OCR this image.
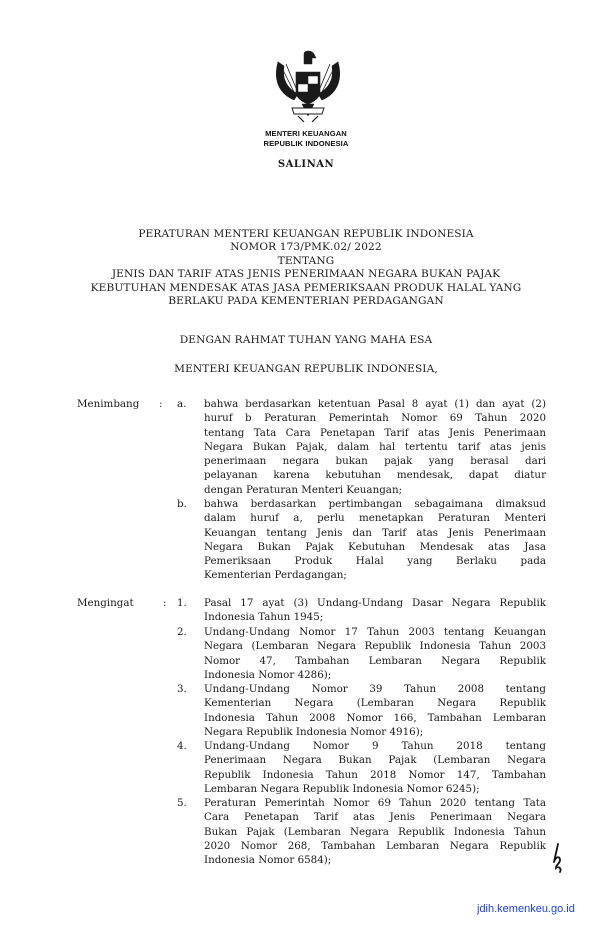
MENTERI KEUANGAN
REPUBLIK INDONESIA
SALINAN
PERATURAN MENTERI KEUANGAN REPUBLIK INDONESIA
NOMOR 173/PMK.02/ 2022
TENTANG
JENIS DAN TARIF ATAS JENIS PENERIMAAN NEGARA BUKAN PAJAK
KEBUTUHAN MENDESAK ATAS JASA PEMERIKSAAN PRODUK HALAL YANG
BERLAKU PADA KEMENTERIAN PERDAGANGAN
DENGAN RAHMAT TUHAN YANG MAHA ESA
MENTERI KEUANGAN REPUBLIK INDONESIA,
Menimbang : a. bahwa berdasarkan ketentuan Pasal 8 ayat (1) dan ayat (2)
huruf b Peraturan Pemerintah Nomor 69 Tahun 2020
tentang Tata Cara Penetapan Tarif atas Jenis Penerimaan
Negara Bukan Pajak, dalam hal tertentu tarif atas jenis
penerimaan negara bukan pajak yang berasal dari
pelayanan karena kebutuhan mendesak, dapat diatur
dengan Peraturan Menteri Keuangan;
b. bahwa berdasarkan pertimbangan sebagaimana dimaksud
dalam huruf a, perlu menetapkan Peraturan Menteri
Keuangan tentang Jenis dan Tarif atas Jenis Penerimaan
Negara Bukan Pajak Kebutuhan Mendesak atas Jasa
Pemeriksaan Produk Halal yang Berlaku pada
Kementerian Perdagangan;
Mengingat	: 1. Pasal 17 ayat (3) Undang-Undang Dasar Negara Republik
Indonesia Tahun 1945;
2. Undang-Undang Nomor 17 Tahun 2003 tentang Keuangan
Negara (Lembaran Negara Republik Indonesia Tahun 2003
Nomor 47, Tambahan Lembaran Negara Republik
Indonesia Nomor 4286);
3. Undang-Undang Nomor 39 Tahun 2008 tentang
Kementerian Negara (Lembaran Negara Republik
Indonesia Tahun 2008 Nomor 166, Tambahan Lembaran
Negara Republik Indonesia Nomor 4916);
4. Undang-Undang Nomor 9 Tahun 2018 tentang
Penerimaan Negara Bukan Pajak (Lembaran Negara
Republik Indonesia Tahun 2018 Nomor 147, Tambahan
Lembaran Negara Republik Indonesia Nomor 6245);
5. Peraturan Pemerintah Nomor 69 Tahun 2020 tentang Tata
Cara Penetapan Tarif atas Jenis Penerimaan Negara
Bukan Pajak (Lembaran Negara Republik Indonesia Tahun
2020 Nomor 268, Tambahan Lembaran Negara Republik
Indonesia Nomor 6584);
jdih.kemenkeu.go.id
